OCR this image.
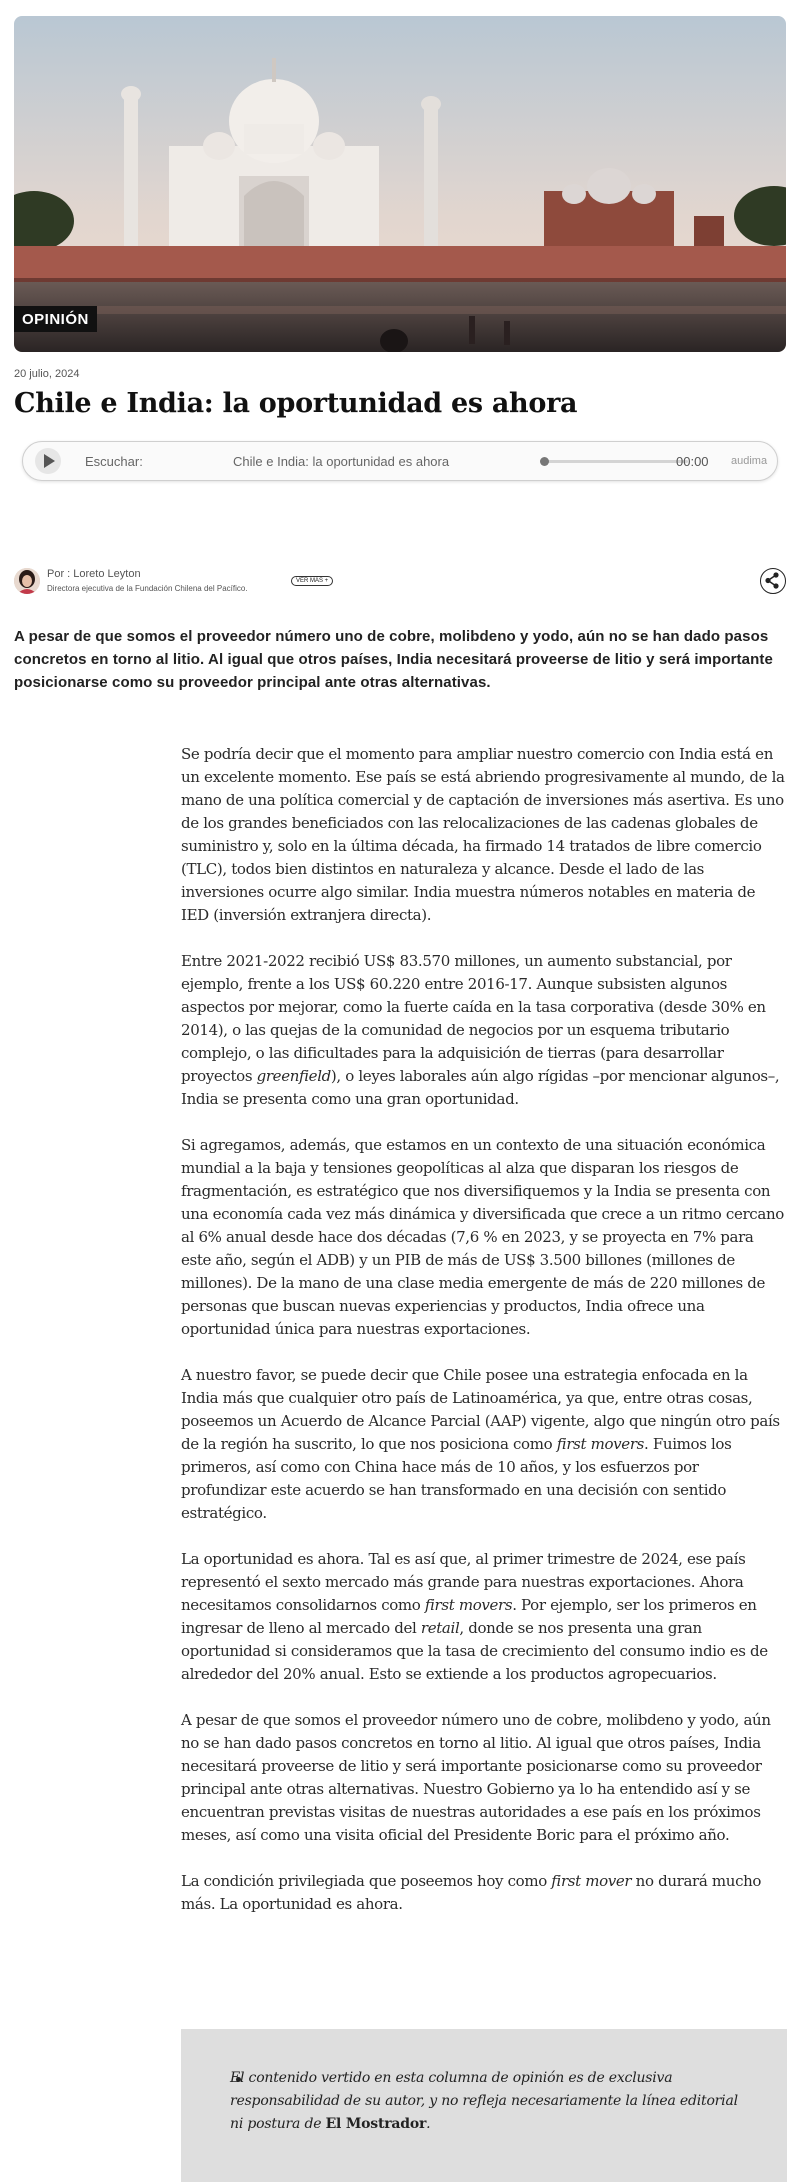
OPINIÓN
20 julio, 2024
Chile e India: la oportunidad es ahora
Escuchar:	Chile e India: la oportunidad es ahora	00:00 audima
Por : Loreto Leyton
Directora ejecutiva de la Fundación Chilena del Pacífico.
VER MÁS +

A pesar de que somos el proveedor número uno de cobre, molibdeno y yodo, aún no se han dado pasos concretos en torno al litio. Al igual que otros países, India necesitará proveerse de litio y será importante posicionarse como su proveedor principal ante otras alternativas.

Se podría decir que el momento para ampliar nuestro comercio con India está en un excelente momento. Ese país se está abriendo progresivamente al mundo, de la mano de una política comercial y de captación de inversiones más asertiva. Es uno de los grandes beneficiados con las relocalizaciones de las cadenas globales de suministro y, solo en la última década, ha firmado 14 tratados de libre comercio (TLC), todos bien distintos en naturaleza y alcance. Desde el lado de las inversiones ocurre algo similar. India muestra números notables en materia de IED (inversión extranjera directa).

Entre 2021-2022 recibió US$ 83.570 millones, un aumento substancial, por ejemplo, frente a los US$ 60.220 entre 2016-17. Aunque subsisten algunos aspectos por mejorar, como la fuerte caída en la tasa corporativa (desde 30% en 2014), o las quejas de la comunidad de negocios por un esquema tributario complejo, o las dificultades para la adquisición de tierras (para desarrollar proyectos greenfield), o leyes laborales aún algo rígidas –por mencionar algunos–, India se presenta como una gran oportunidad.

Si agregamos, además, que estamos en un contexto de una situación económica mundial a la baja y tensiones geopolíticas al alza que disparan los riesgos de fragmentación, es estratégico que nos diversifiquemos y la India se presenta con una economía cada vez más dinámica y diversificada que crece a un ritmo cercano al 6% anual desde hace dos décadas (7,6 % en 2023, y se proyecta en 7% para este año, según el ADB) y un PIB de más de US$ 3.500 billones (millones de millones). De la mano de una clase media emergente de más de 220 millones de personas que buscan nuevas experiencias y productos, India ofrece una oportunidad única para nuestras exportaciones.

A nuestro favor, se puede decir que Chile posee una estrategia enfocada en la India más que cualquier otro país de Latinoamérica, ya que, entre otras cosas, poseemos un Acuerdo de Alcance Parcial (AAP) vigente, algo que ningún otro país de la región ha suscrito, lo que nos posiciona como first movers. Fuimos los primeros, así como con China hace más de 10 años, y los esfuerzos por profundizar este acuerdo se han transformado en una decisión con sentido estratégico.

La oportunidad es ahora. Tal es así que, al primer trimestre de 2024, ese país representó el sexto mercado más grande para nuestras exportaciones. Ahora necesitamos consolidarnos como first movers. Por ejemplo, ser los primeros en ingresar de lleno al mercado del retail, donde se nos presenta una gran oportunidad si consideramos que la tasa de crecimiento del consumo indio es de alrededor del 20% anual. Esto se extiende a los productos agropecuarios.

A pesar de que somos el proveedor número uno de cobre, molibdeno y yodo, aún no se han dado pasos concretos en torno al litio. Al igual que otros países, India necesitará proveerse de litio y será importante posicionarse como su proveedor principal ante otras alternativas. Nuestro Gobierno ya lo ha entendido así y se encuentran previstas visitas de nuestras autoridades a ese país en los próximos meses, así como una visita oficial del Presidente Boric para el próximo año.

La condición privilegiada que poseemos hoy como first mover no durará mucho más. La oportunidad es ahora.

El contenido vertido en esta columna de opinión es de exclusiva responsabilidad de su autor, y no refleja necesariamente la línea editorial ni postura de El Mostrador.
